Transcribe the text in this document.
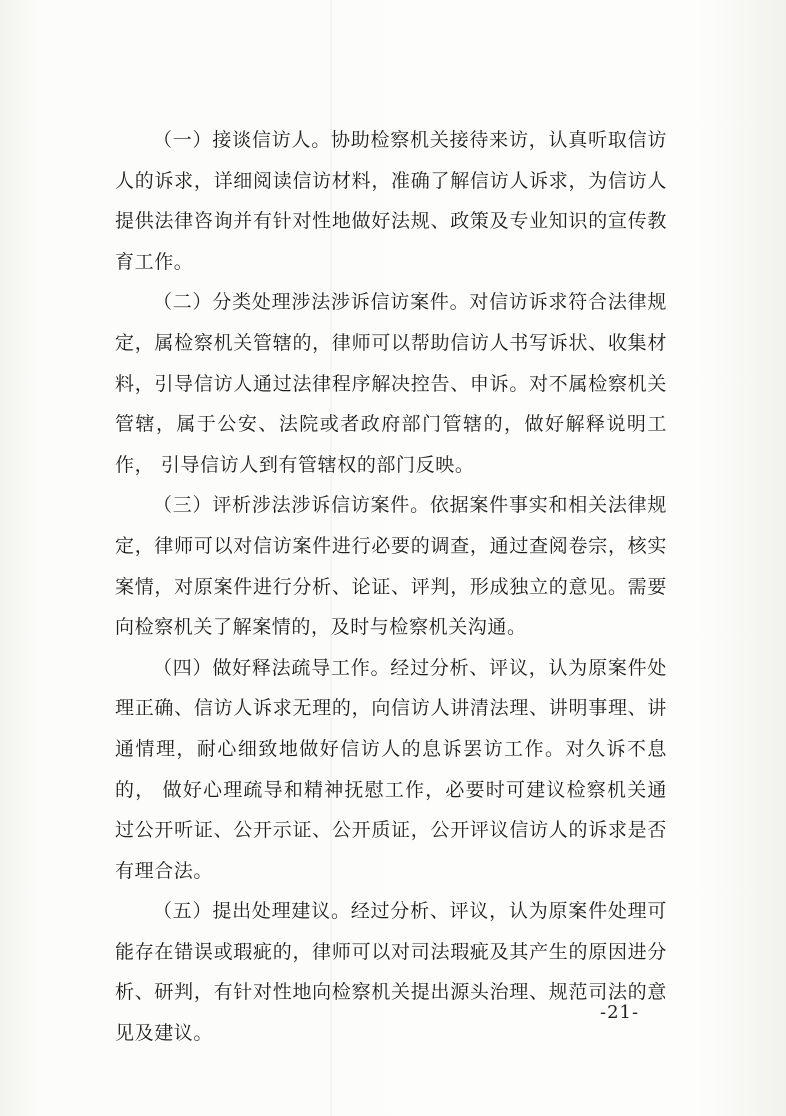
（一）接谈信访人。协助检察机关接待来访，认真听取信访人的诉求，详细阅读信访材料，准确了解信访人诉求，为信访人提供法律咨询并有针对性地做好法规、政策及专业知识的宣传教育工作。

（二）分类处理涉法涉诉信访案件。对信访诉求符合法律规定，属检察机关管辖的，律师可以帮助信访人书写诉状、收集材料，引导信访人通过法律程序解决控告、申诉。对不属检察机关管辖，属于公安、法院或者政府部门管辖的，做好解释说明工作， 引导信访人到有管辖权的部门反映。

（三）评析涉法涉诉信访案件。依据案件事实和相关法律规定，律师可以对信访案件进行必要的调查，通过查阅卷宗，核实案情，对原案件进行分析、论证、评判，形成独立的意见。需要向检察机关了解案情的，及时与检察机关沟通。

（四）做好释法疏导工作。经过分析、评议，认为原案件处理正确、信访人诉求无理的，向信访人讲清法理、讲明事理、讲通情理，耐心细致地做好信访人的息诉罢访工作。对久诉不息的， 做好心理疏导和精神抚慰工作，必要时可建议检察机关通过公开听证、公开示证、公开质证，公开评议信访人的诉求是否有理合法。

（五）提出处理建议。经过分析、评议，认为原案件处理可能存在错误或瑕疵的，律师可以对司法瑕疵及其产生的原因进分析、研判，有针对性地向检察机关提出源头治理、规范司法的意见及建议。

-21-
